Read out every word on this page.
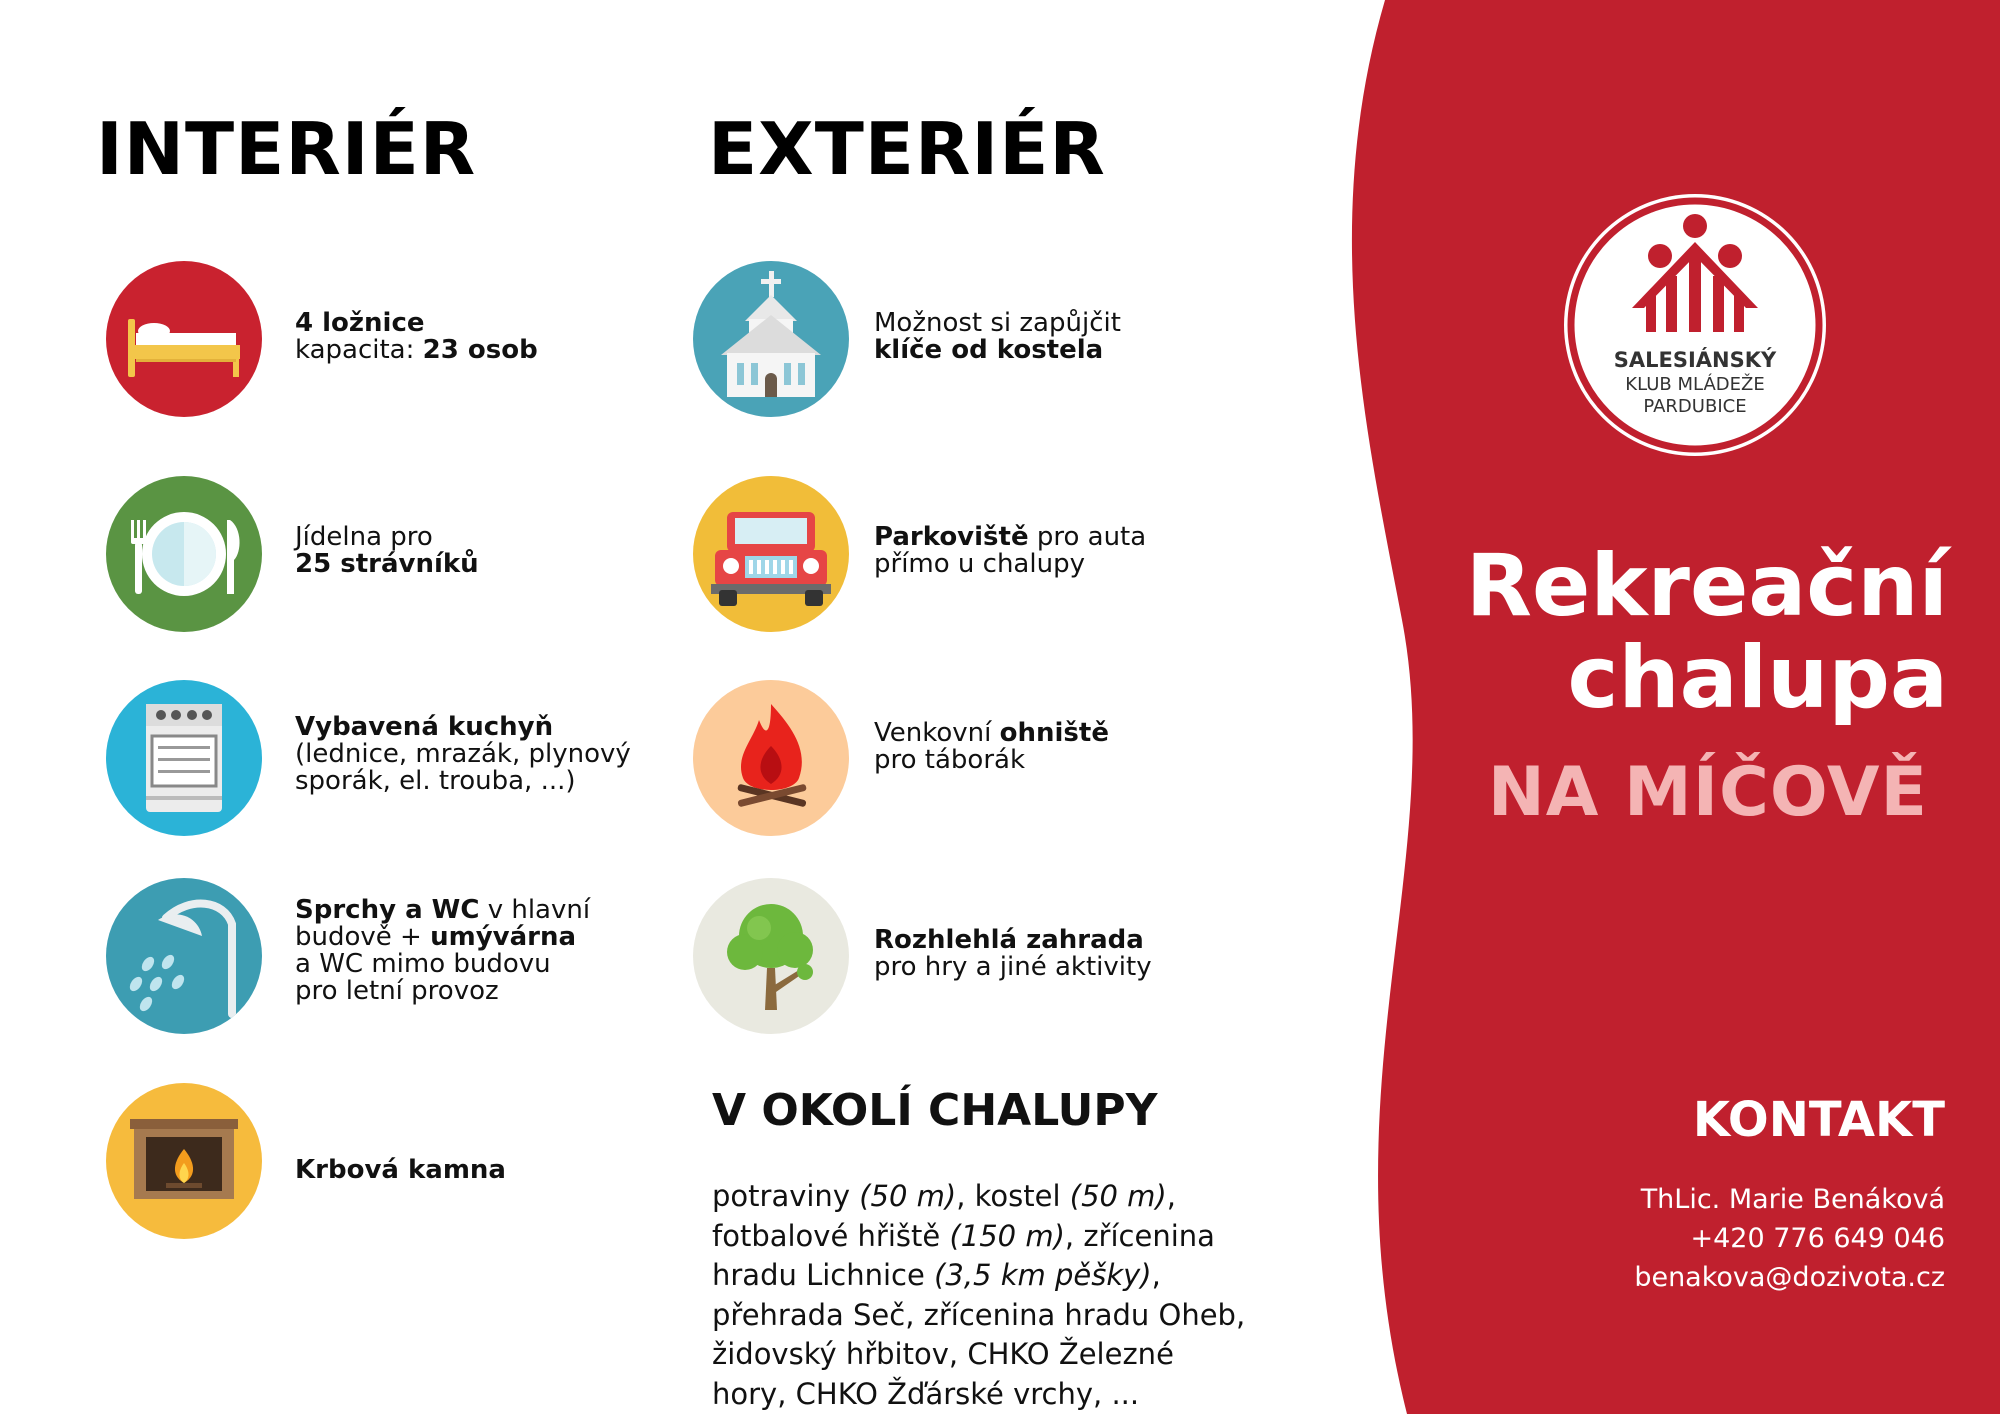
INTERIÉR	EXTERIÉR
4 ložnice
kapacita: 23 osob
Jídelna pro
25 strávníků
Vybavená kuchyň
(lednice, mrazák, plynový
sporák, el. trouba, ...)
Sprchy a WC v hlavní
budově + umývárna
a WC mimo budovu
pro letní provoz
Krbová kamna
Možnost si zapůjčit
klíče od kostela
Parkoviště pro auta
přímo u chalupy
Venkovní ohniště
pro táborák
Rozhlehlá zahrada
pro hry a jiné aktivity
V OKOLÍ CHALUPY

potraviny (50 m), kostel (50 m), fotbalové hřiště (150 m), zřícenina hradu Lichnice (3,5 km pěšky), přehrada Seč, zřícenina hradu Oheb, židovský hřbitov, CHKO Železné hory, CHKO Žďárské vrchy, ...

SALESIÁNSKÝ
KLUB MLÁDEŽE
PARDUBICE
Rekreační
chalupa
NA MÍČOVĚ
KONTAKT
ThLic. Marie Benáková
+420 776 649 046
benakova@dozivota.cz
